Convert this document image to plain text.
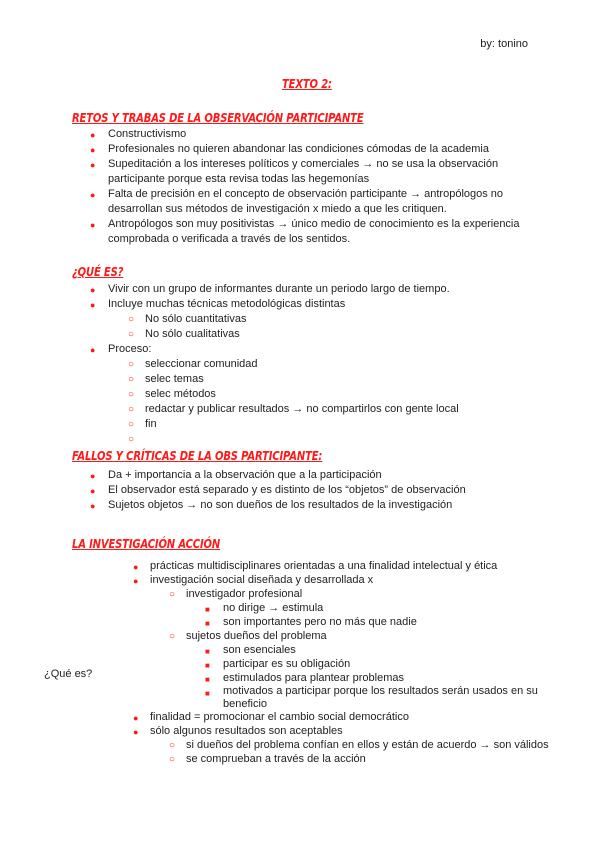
by: tonino
TEXTO 2:
RETOS Y TRABAS DE LA OBSERVACIÓN PARTICIPANTE
● Constructivismo
● Profesionales no quieren abandonar las condiciones cómodas de la academia
● Supeditación a los intereses políticos y comerciales → no se usa la observación participante porque esta revisa todas las hegemonías
● Falta de precisión en el concepto de observación participante → antropólogos no desarrollan sus métodos de investigación x miedo a que les critiquen.
● Antropólogos son muy positivistas → único medio de conocimiento es la experiencia comprobada o verificada a través de los sentidos.
¿QUÉ ES?
● Vivir con un grupo de informantes durante un periodo largo de tiempo.
● Incluye muchas técnicas metodológicas distintas
○ No sólo cuantitativas
○ No sólo cualitativas
● Proceso:
○ seleccionar comunidad
○ selec temas
○ selec métodos
○ redactar y publicar resultados → no compartirlos con gente local
○ fin
○
FALLOS Y CRÍTICAS DE LA OBS PARTICIPANTE:
● Da + importancia a la observación que a la participación
● El observador está separado y es distinto de los “objetos” de observación
● Sujetos objetos → no son dueños de los resultados de la investigación
LA INVESTIGACIÓN ACCIÓN
¿Qué es?
● prácticas multidisciplinares orientadas a una finalidad intelectual y ética
● investigación social diseñada y desarrollada x
○ investigador profesional
■ no dirige → estimula
■ son importantes pero no más que nadie
○ sujetos dueños del problema
■ son esenciales
■ participar es su obligación
■ estimulados para plantear problemas
■ motivados a participar porque los resultados serán usados en su beneficio
● finalidad = promocionar el cambio social democrático
● sólo algunos resultados son aceptables
○ si dueños del problema confían en ellos y están de acuerdo → son válidos
○ se comprueban a través de la acción
